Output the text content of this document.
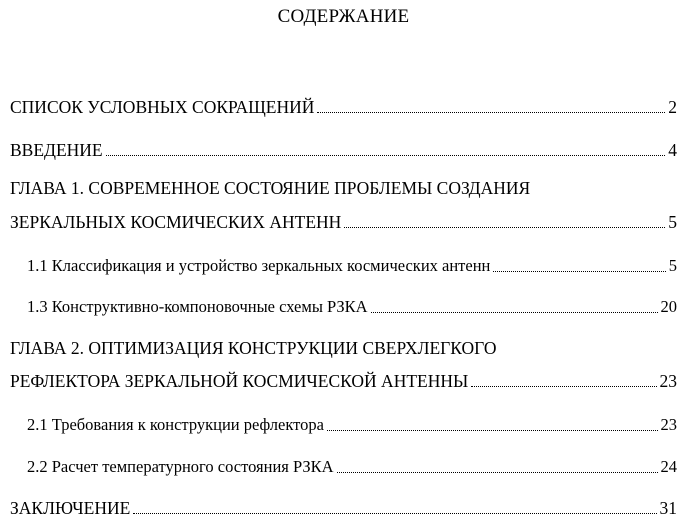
СОДЕРЖАНИЕ
СПИСОК УСЛОВНЫХ СОКРАЩЕНИЙ	2
ВВЕДЕНИЕ	4
ГЛАВА 1. СОВРЕМЕННОЕ СОСТОЯНИЕ ПРОБЛЕМЫ СОЗДАНИЯ
ЗЕРКАЛЬНЫХ КОСМИЧЕСКИХ АНТЕНН	5
1.1 Классификация и устройство зеркальных космических антенн	5
1.3 Конструктивно-компоновочные схемы РЗКА	20
ГЛАВА 2. ОПТИМИЗАЦИЯ КОНСТРУКЦИИ СВЕРХЛЕГКОГО
РЕФЛЕКТОРА ЗЕРКАЛЬНОЙ КОСМИЧЕСКОЙ АНТЕННЫ	23
2.1 Требования к конструкции рефлектора	23
2.2 Расчет температурного состояния РЗКА	24
ЗАКЛЮЧЕНИЕ	31
